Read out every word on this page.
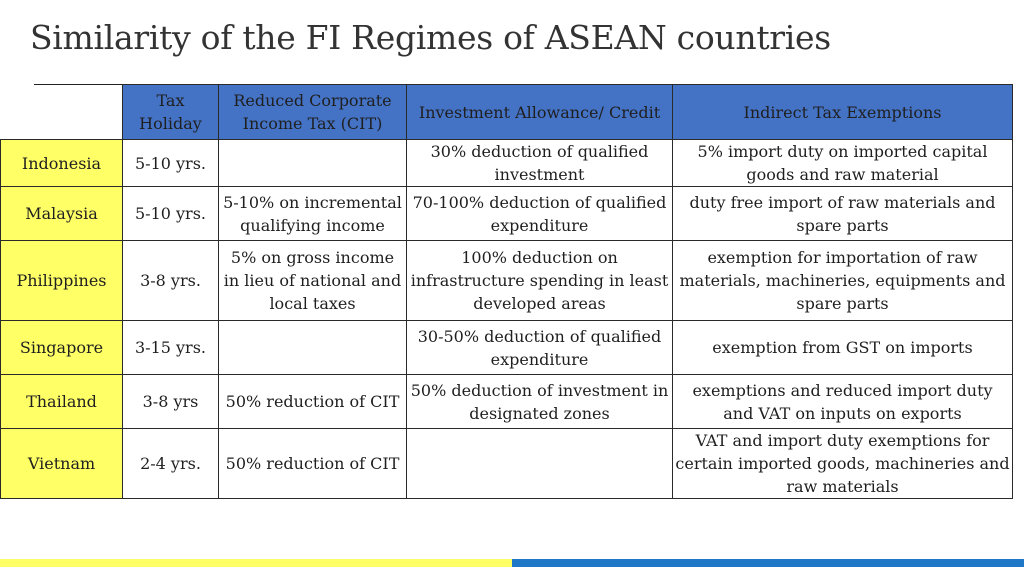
Similarity of the FI Regimes of ASEAN countries
	Tax Holiday	Reduced Corporate Income Tax (CIT)	Investment Allowance/ Credit	Indirect Tax Exemptions
Indonesia	5-10 yrs.		30% deduction of qualified investment	5% import duty on imported capital goods and raw material
Malaysia	5-10 yrs.	5-10% on incremental qualifying income	70-100% deduction of qualified expenditure	duty free import of raw materials and spare parts
Philippines	3-8 yrs.	5% on gross income in lieu of national and local taxes	100% deduction on infrastructure spending in least developed areas	exemption for importation of raw materials, machineries, equipments and spare parts
Singapore	3-15 yrs.		30-50% deduction of qualified expenditure	exemption from GST on imports
Thailand	3-8 yrs	50% reduction of CIT	50% deduction of investment in designated zones	exemptions and reduced import duty and VAT on inputs on exports
Vietnam	2-4 yrs.	50% reduction of CIT		VAT and import duty exemptions for certain imported goods, machineries and raw materials
